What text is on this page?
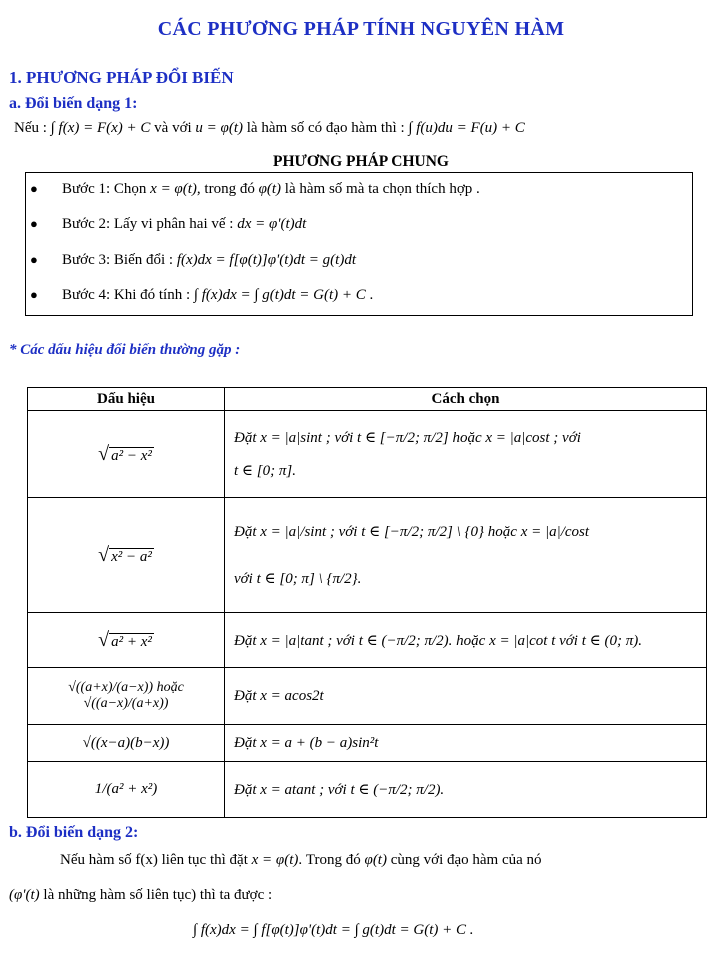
CÁC PHƯƠNG PHÁP TÍNH NGUYÊN HÀM
1. PHƯƠNG PHÁP ĐỔI BIẾN
a. Đổi biến dạng 1:
Nếu : ∫ f(x) = F(x) + C và với u = φ(t) là hàm số có đạo hàm thì : ∫ f(u)du = F(u) + C
PHƯƠNG PHÁP CHUNG
● Bước 1: Chọn x = φ(t), trong đó φ(t) là hàm số mà ta chọn thích hợp .
● Bước 2: Lấy vi phân hai vế : dx = φ'(t)dt
● Bước 3: Biến đổi : f(x)dx = f[φ(t)]φ'(t)dt = g(t)dt
● Bước 4: Khi đó tính : ∫ f(x)dx = ∫ g(t)dt = G(t) + C .
* Các dấu hiệu đổi biến thường gặp :
Dấu hiệu	Cách chọn
√ a² − x²	Đặt x = |a|sint ; với t ∈ [−π/2; π/2] hoặc x = |a|cost ; với
t ∈ [0; π].

√ x² − a²	Đặt x = |a|/sint ; với t ∈ [−π/2; π/2] \ {0} hoặc x = |a|/cost
với t ∈ [0; π] \ {π/2}.

√ a² + x²	Đặt x = |a|tant ; với t ∈ (−π/2; π/2). hoặc x = |a|cot t với t ∈ (0; π).
√((a+x)/(a−x)) hoặc √((a−x)/(a+x))	Đặt x = acos2t
√((x−a)(b−x))	Đặt x = a + (b − a)sin²t
1/(a² + x²)	Đặt x = atant ; với t ∈ (−π/2; π/2).
b. Đổi biến dạng 2:
Nếu hàm số f(x) liên tục thì đặt x = φ(t). Trong đó φ(t) cùng với đạo hàm của nó
(φ'(t) là những hàm số liên tục) thì ta được :
∫ f(x)dx = ∫ f[φ(t)]φ'(t)dt = ∫ g(t)dt = G(t) + C .
